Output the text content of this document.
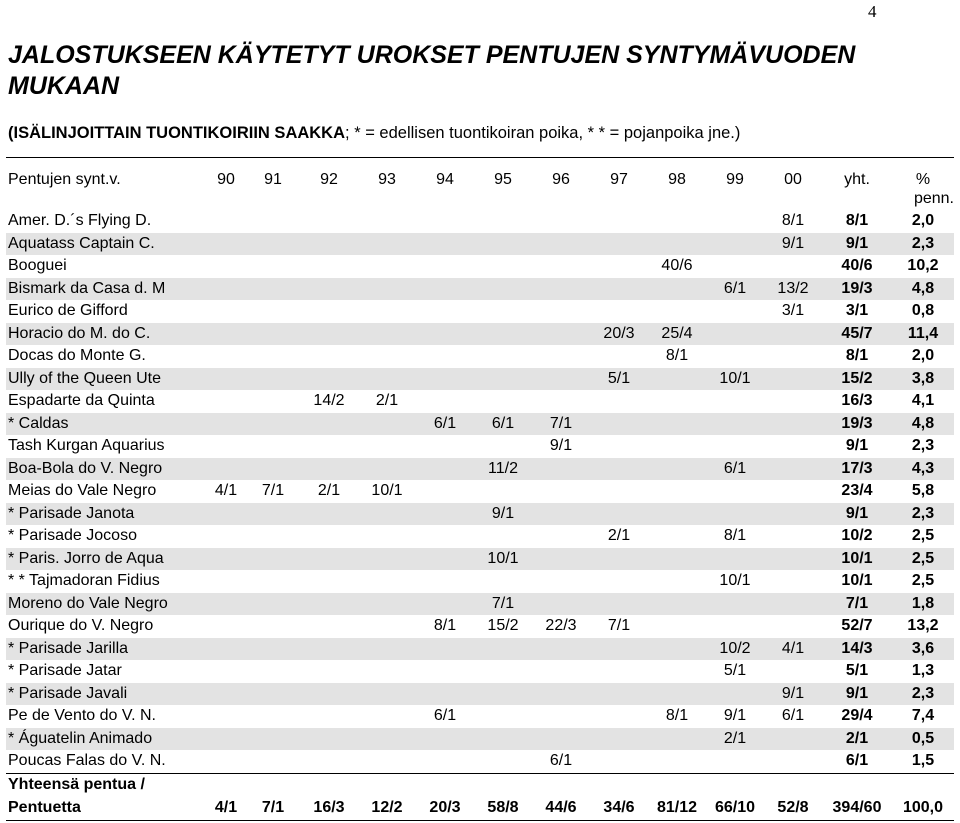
4
JALOSTUKSEEN KÄYTETYT UROKSET PENTUJEN SYNTYMÄVUODEN MUKAAN
(ISÄLINJOITTAIN TUONTIKOIRIIN SAAKKA; * = edellisen tuontikoiran poika, * * = pojanpoika jne.)
Pentujen synt.v.	90	91	92	93	94	95	96	97	98	99	00	yht.	%
penn.

Amer. D.´s Flying D.											8/1	8/1	2,0
Aquatass Captain C.											9/1	9/1	2,3
Booguei									40/6			40/6	10,2
Bismark da Casa d. M										6/1	13/2	19/3	4,8
Eurico de Gifford											3/1	3/1	0,8
Horacio do M. do C.								20/3	25/4			45/7	11,4
Docas do Monte G.									8/1			8/1	2,0
Ully of the Queen Ute								5/1		10/1		15/2	3,8
Espadarte da Quinta			14/2	2/1								16/3	4,1
* Caldas					6/1	6/1	7/1					19/3	4,8
Tash Kurgan Aquarius							9/1					9/1	2,3
Boa-Bola do V. Negro						11/2				6/1		17/3	4,3
Meias do Vale Negro	4/1	7/1	2/1	10/1								23/4	5,8
* Parisade Janota						9/1						9/1	2,3
* Parisade Jocoso								2/1		8/1		10/2	2,5
* Paris. Jorro de Aqua						10/1						10/1	2,5
* * Tajmadoran Fidius										10/1		10/1	2,5
Moreno do Vale Negro						7/1						7/1	1,8
Ourique do V. Negro					8/1	15/2	22/3	7/1				52/7	13,2
* Parisade Jarilla										10/2	4/1	14/3	3,6
* Parisade Jatar										5/1		5/1	1,3
* Parisade Javali											9/1	9/1	2,3
Pe de Vento do V. N.					6/1				8/1	9/1	6/1	29/4	7,4
* Águatelin Animado										2/1		2/1	0,5
Poucas Falas do V. N.							6/1					6/1	1,5
Yhteensä pentua /													
Pentuetta	4/1	7/1	16/3	12/2	20/3	58/8	44/6	34/6	81/12	66/10	52/8	394/60	100,0
